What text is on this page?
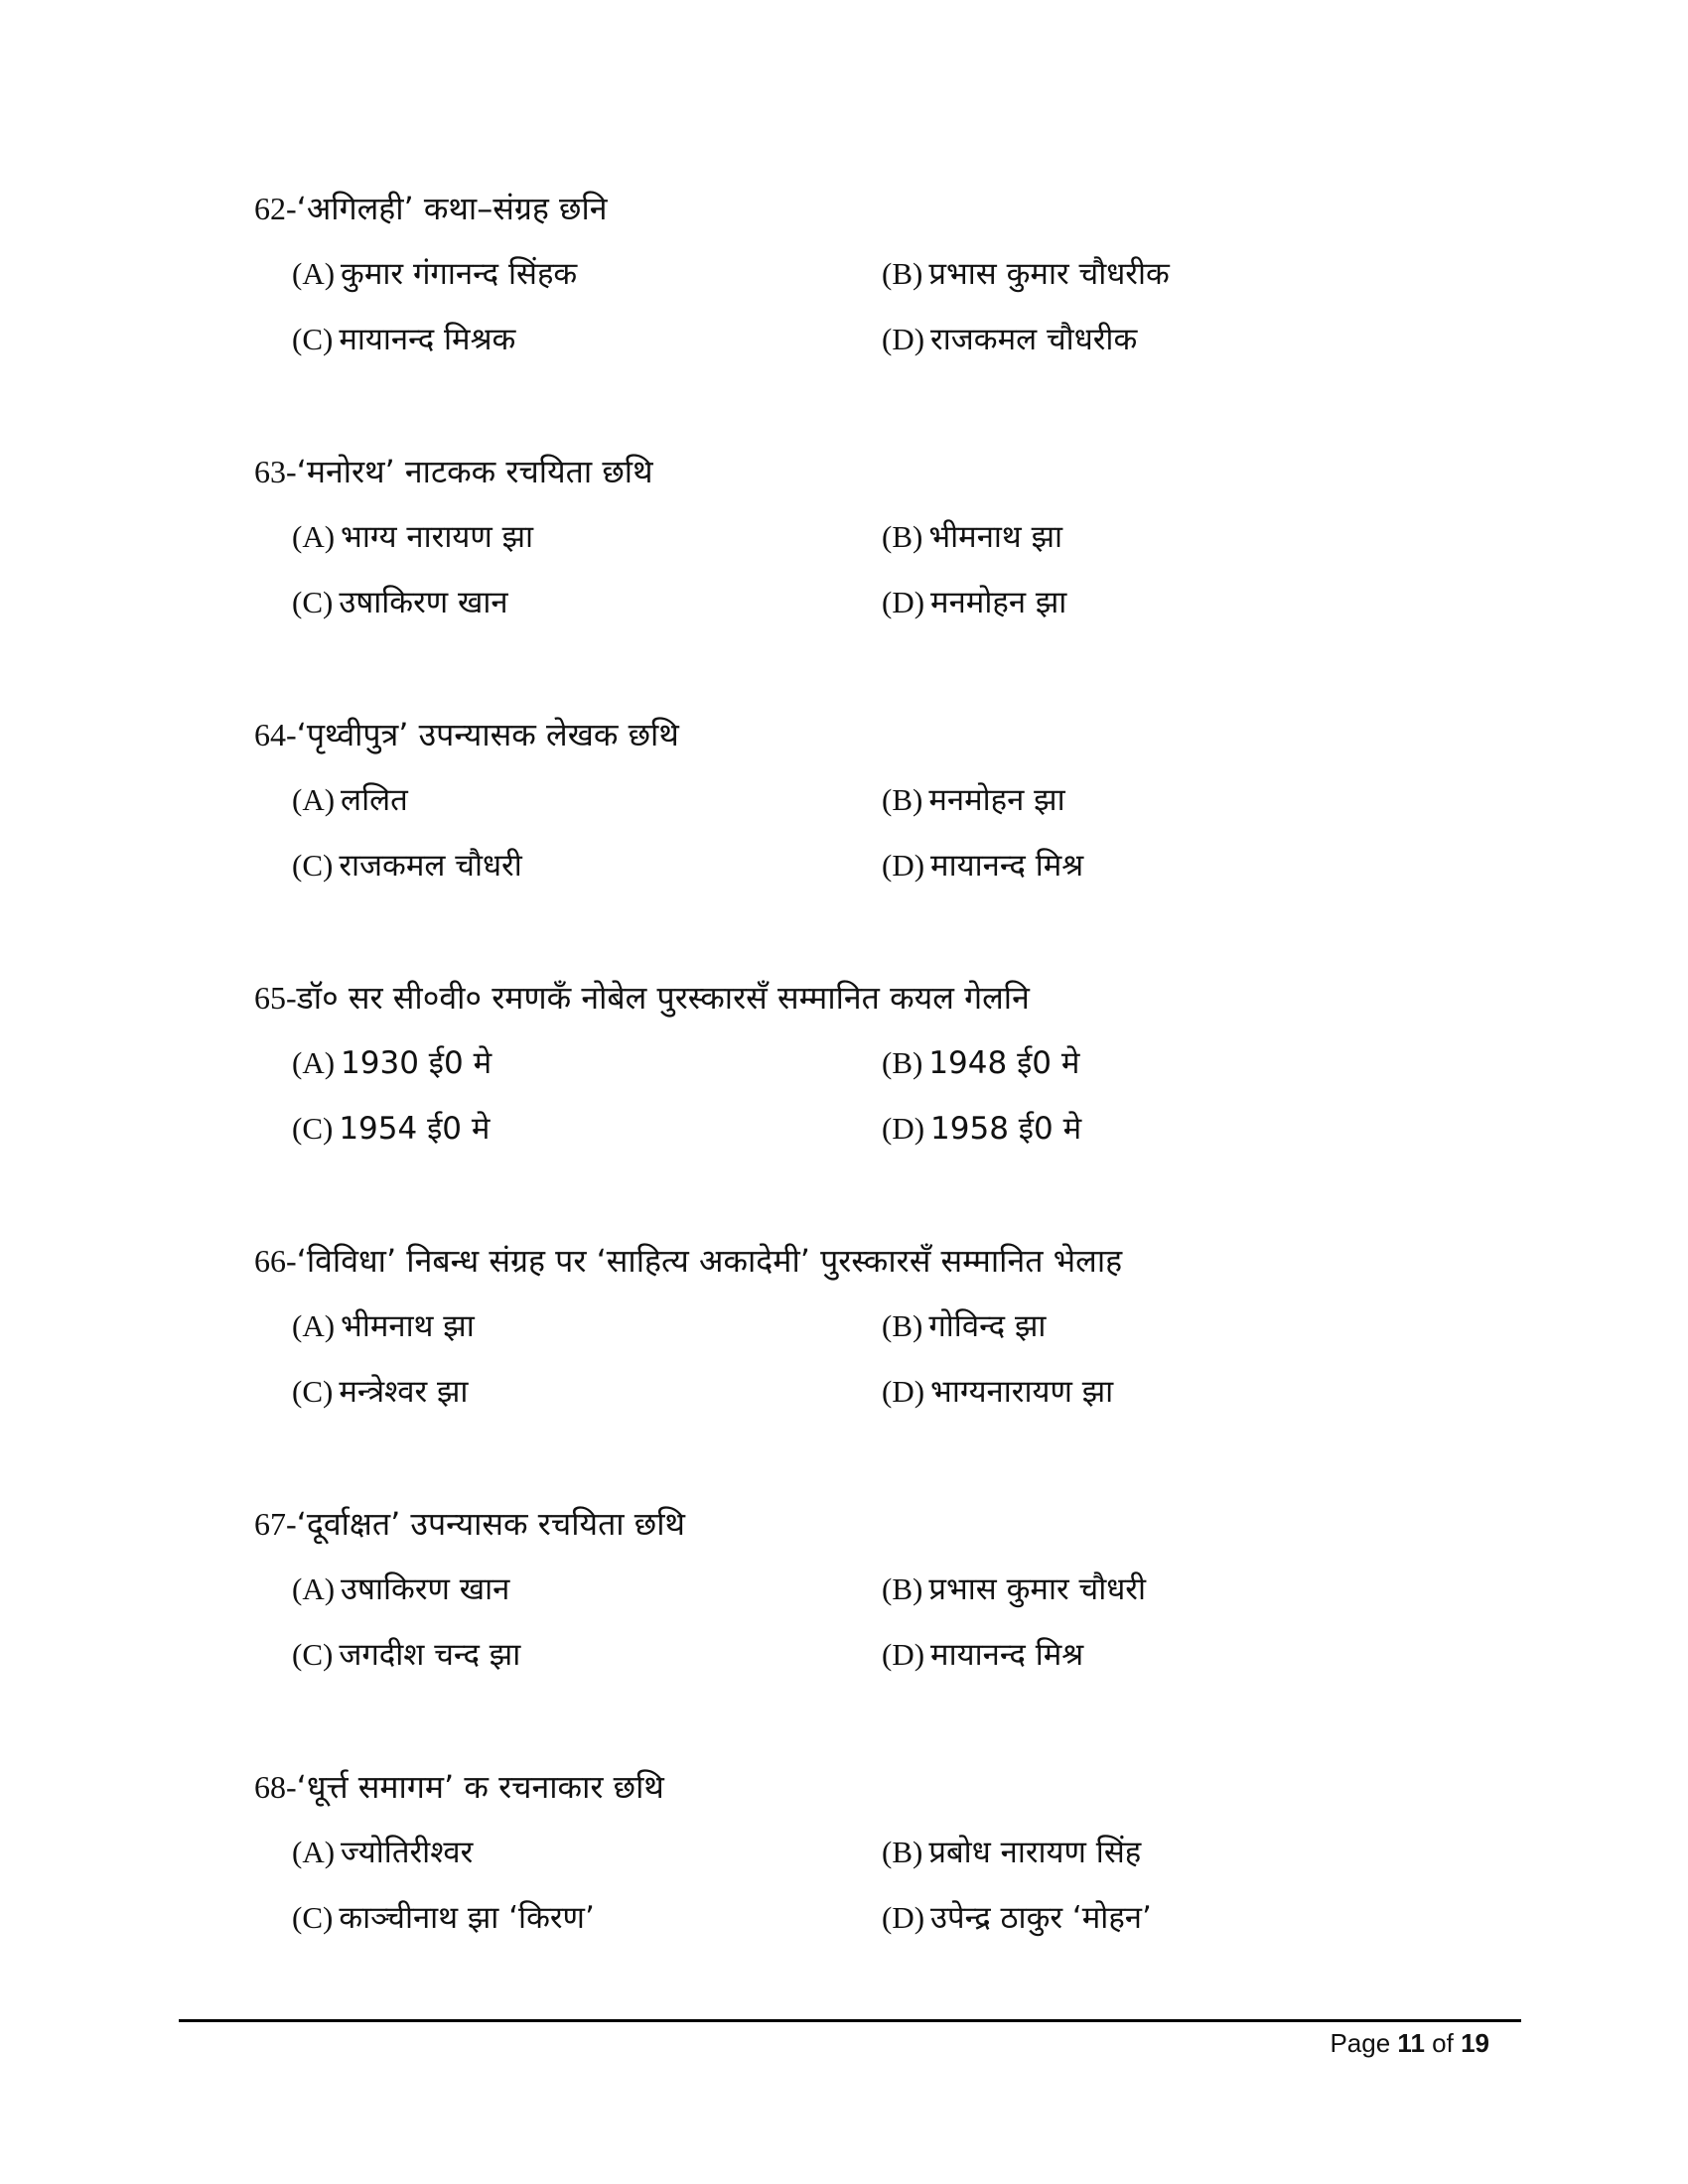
62-‘अगिलही’ कथा–संग्रह छनि
(A) कुमार गंगानन्द सिंहक	(B) प्रभास कुमार चौधरीक
(C) मायानन्द मिश्रक	(D) राजकमल चौधरीक
63-‘मनोरथ’ नाटकक रचयिता छथि
(A) भाग्य नारायण झा	(B) भीमनाथ झा
(C) उषाकिरण खान	(D) मनमोहन झा
64-‘पृथ्वीपुत्र’ उपन्यासक लेखक छथि
(A) ललित	(B) मनमोहन झा
(C) राजकमल चौधरी	(D) मायानन्द मिश्र
65-डॉ० सर सी०वी० रमणकँ नोबेल पुरस्कारसँ सम्मानित कयल गेलनि
(A) 1930 ई0 मे	(B) 1948 ई0 मे
(C) 1954 ई0 मे	(D) 1958 ई0 मे
66-‘विविधा’ निबन्ध संग्रह पर ‘साहित्य अकादेमी’ पुरस्कारसँ सम्मानित भेलाह
(A) भीमनाथ झा	(B) गोविन्द झा
(C) मन्त्रेश्वर झा	(D) भाग्यनारायण झा
67-‘दूर्वाक्षत’ उपन्यासक रचयिता छथि
(A) उषाकिरण खान	(B) प्रभास कुमार चौधरी
(C) जगदीश चन्द झा	(D) मायानन्द मिश्र
68-‘धूर्त्त समागम’ क रचनाकार छथि
(A) ज्योतिरीश्वर	(B) प्रबोध नारायण सिंह
(C) काञ्चीनाथ झा ‘किरण’	(D) उपेन्द्र ठाकुर ‘मोहन’
Page 11 of 19
